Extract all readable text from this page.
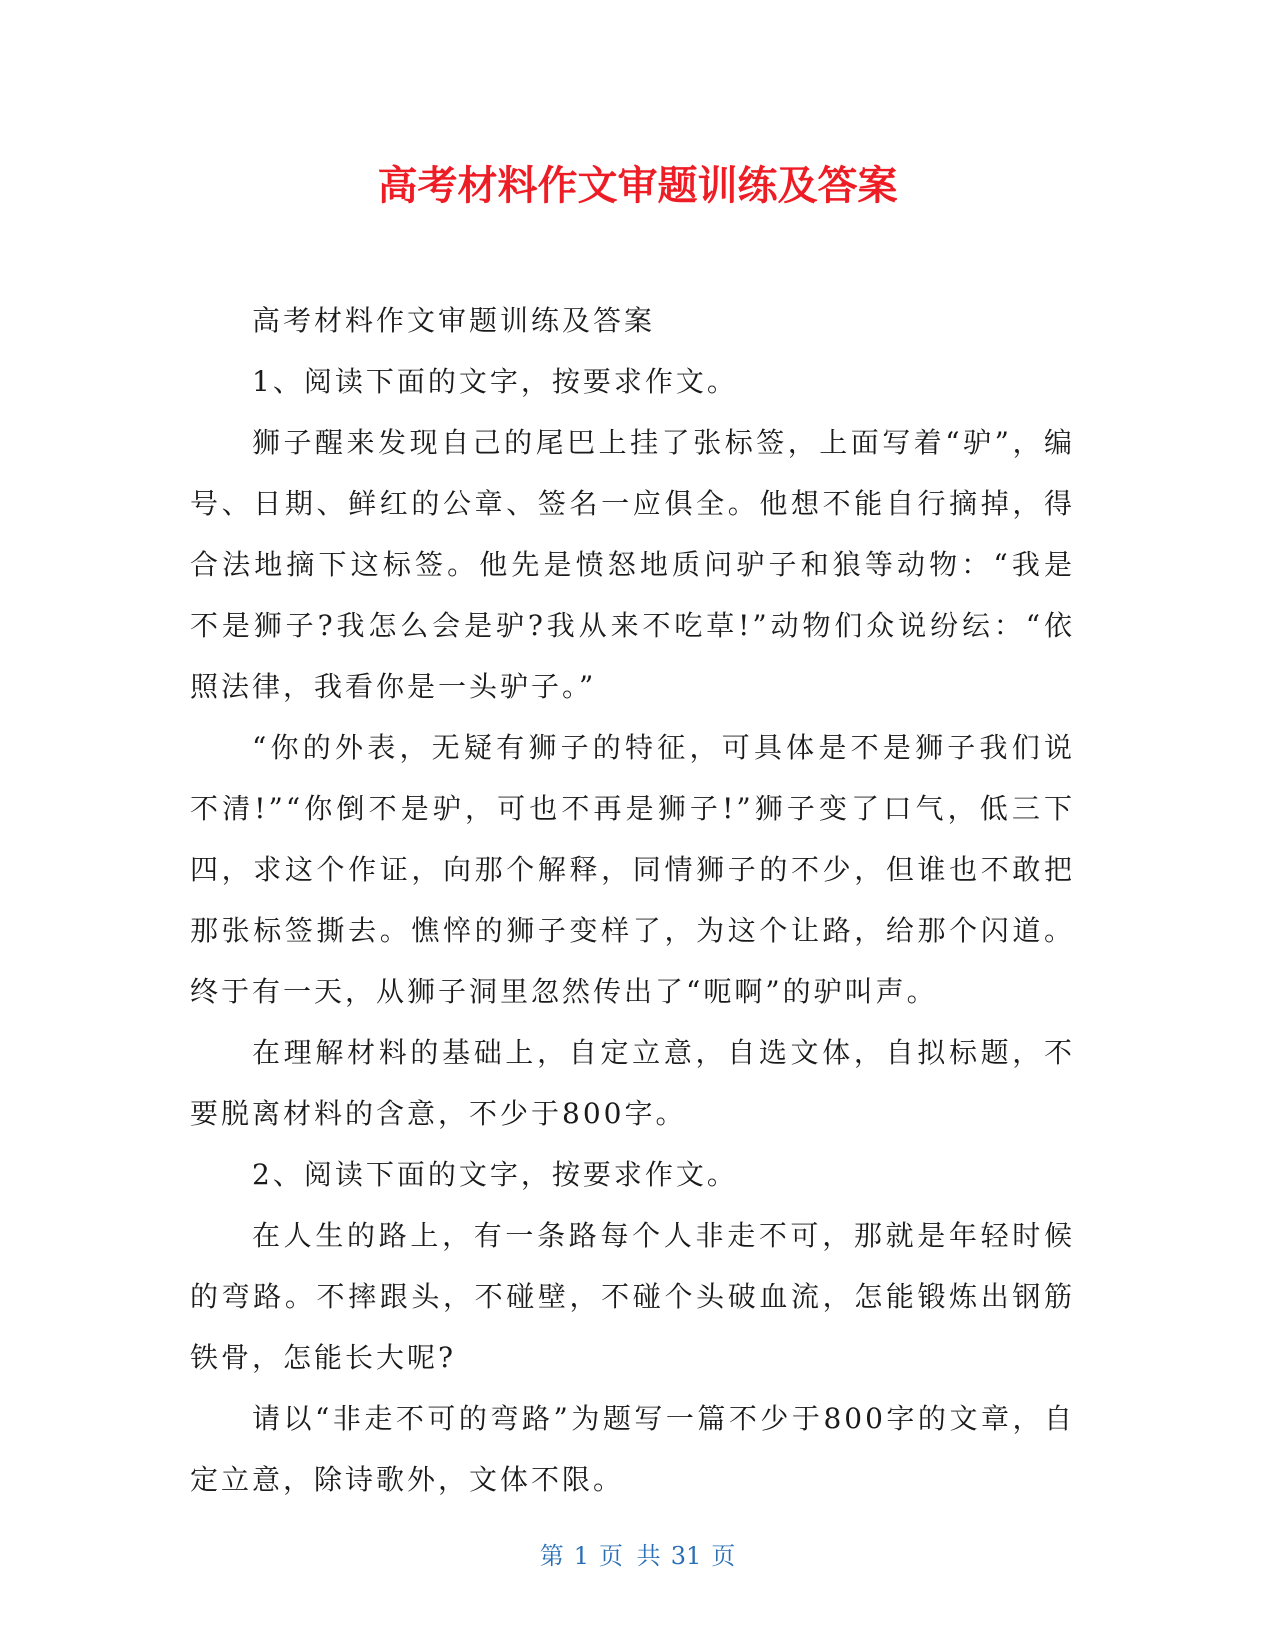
高考材料作文审题训练及答案

高考材料作文审题训练及答案

1、阅读下面的文字，按要求作文。

狮子醒来发现自己的尾巴上挂了张标签，上面写着“驴”，编号、日期、鲜红的公章、签名一应俱全。他想不能自行摘掉，得合法地摘下这标签。他先是愤怒地质问驴子和狼等动物：“我是不是狮子?我怎么会是驴?我从来不吃草!”动物们众说纷纭：“依照法律，我看你是一头驴子。”

“你的外表，无疑有狮子的特征，可具体是不是狮子我们说不清!”“你倒不是驴，可也不再是狮子!”狮子变了口气，低三下四，求这个作证，向那个解释，同情狮子的不少，但谁也不敢把那张标签撕去。憔悴的狮子变样了，为这个让路，给那个闪道。终于有一天，从狮子洞里忽然传出了“呃啊”的驴叫声。

在理解材料的基础上，自定立意，自选文体，自拟标题，不要脱离材料的含意，不少于800字。

2、阅读下面的文字，按要求作文。

在人生的路上，有一条路每个人非走不可，那就是年轻时候的弯路。不摔跟头，不碰壁，不碰个头破血流，怎能锻炼出钢筋铁骨，怎能长大呢?

请以“非走不可的弯路”为题写一篇不少于800字的文章，自定立意，除诗歌外，文体不限。

第 1 页 共 31 页
